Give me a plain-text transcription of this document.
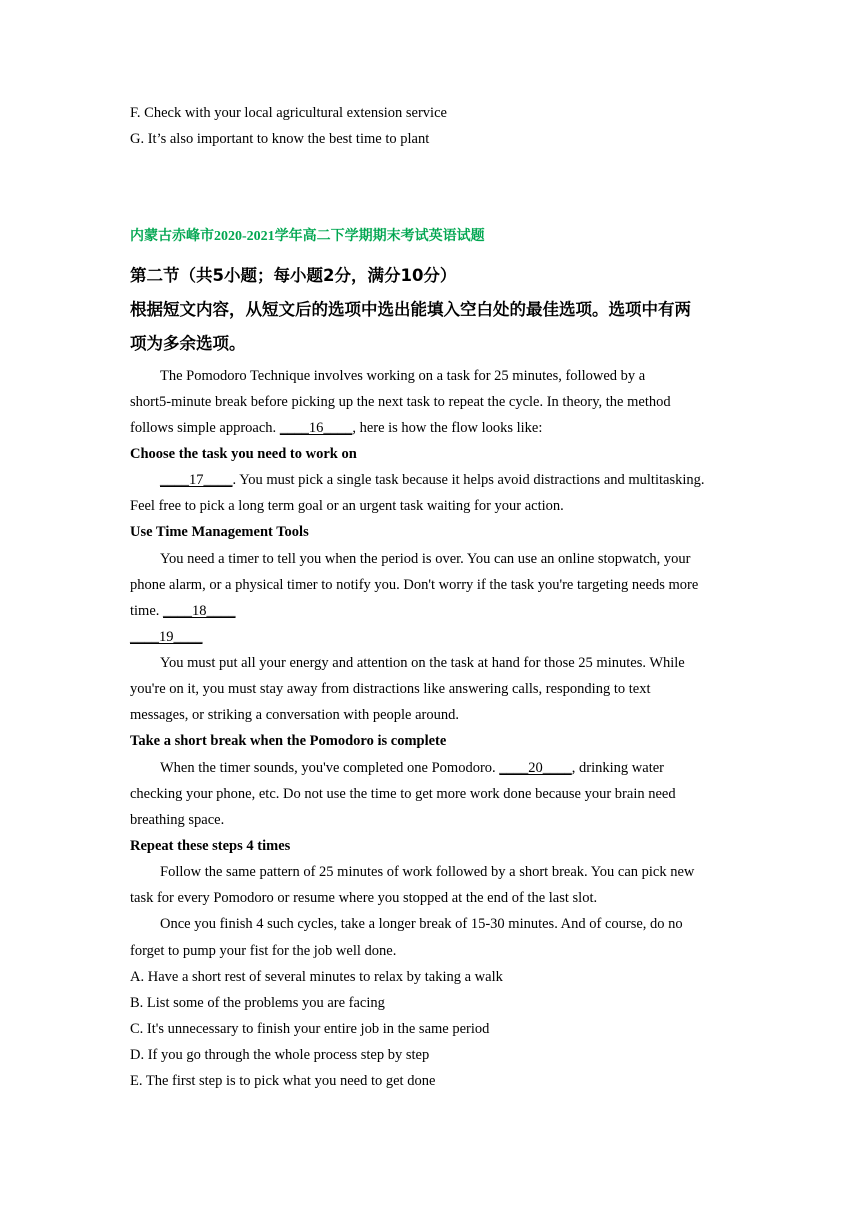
F. Check with your local agricultural extension service
G. It’s also important to know the best time to plant
内蒙古赤峰市2020-2021学年高二下学期期末考试英语试题
第二节（共5小题；每小题2分，满分10分）
根据短文内容，从短文后的选项中选出能填入空白处的最佳选项。选项中有两
项为多余选项。
The Pomodoro Technique involves working on a task for 25 minutes, followed by a
short5-minute break before picking up the next task to repeat the cycle. In theory, the method
follows simple approach. ____16____, here is how the flow looks like:
Choose the task you need to work on
____17____. You must pick a single task because it helps avoid distractions and multitasking.
Feel free to pick a long term goal or an urgent task waiting for your action.
Use Time Management Tools
You need a timer to tell you when the period is over. You can use an online stopwatch, your
phone alarm, or a physical timer to notify you. Don't worry if the task you're targeting needs more
time. ____18____
____19____
You must put all your energy and attention on the task at hand for those 25 minutes. While
you're on it, you must stay away from distractions like answering calls, responding to text
messages, or striking a conversation with people around.
Take a short break when the Pomodoro is complete
When the timer sounds, you've completed one Pomodoro. ____20____, drinking water
checking your phone, etc. Do not use the time to get more work done because your brain need
breathing space.
Repeat these steps 4 times
Follow the same pattern of 25 minutes of work followed by a short break. You can pick new
task for every Pomodoro or resume where you stopped at the end of the last slot.
Once you finish 4 such cycles, take a longer break of 15-30 minutes. And of course, do no
forget to pump your fist for the job well done.
A. Have a short rest of several minutes to relax by taking a walk
B. List some of the problems you are facing
C. It's unnecessary to finish your entire job in the same period
D. If you go through the whole process step by step
E. The first step is to pick what you need to get done
